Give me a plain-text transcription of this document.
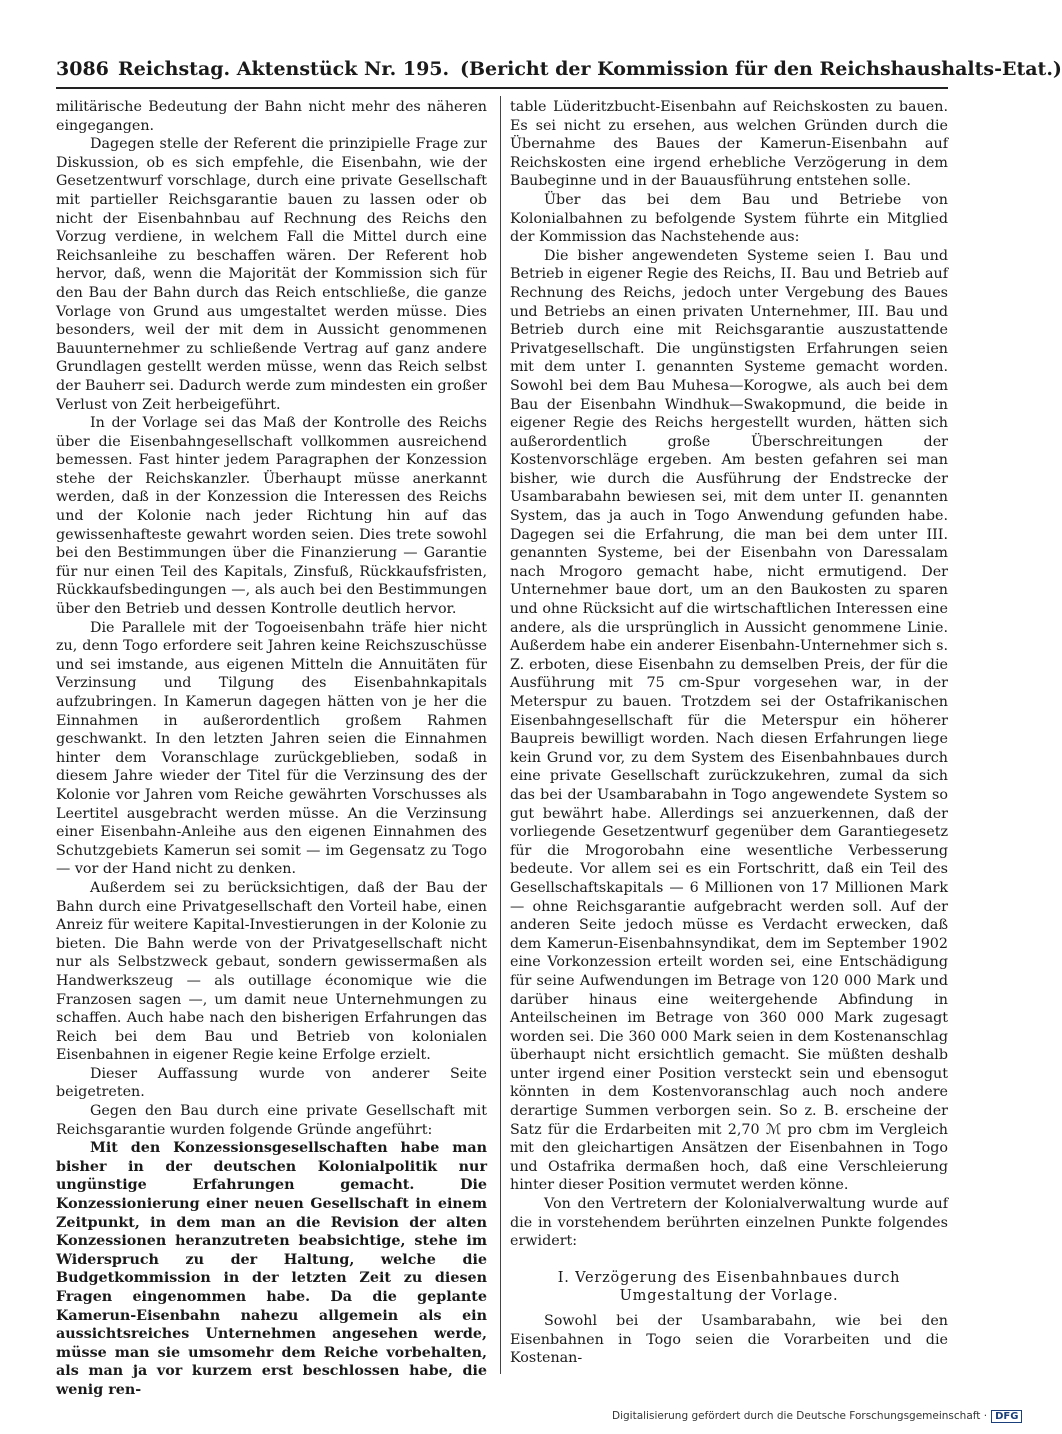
3086 Reichstag. Aktenstück Nr. 195. (Bericht der Kommission für den Reichshaushalts-Etat.)

militärische Bedeutung der Bahn nicht mehr des näheren eingegangen.

Dagegen stelle der Referent die prinzipielle Frage zur Diskussion, ob es sich empfehle, die Eisenbahn, wie der Gesetzentwurf vorschlage, durch eine private Gesellschaft mit partieller Reichsgarantie bauen zu lassen oder ob nicht der Eisenbahnbau auf Rechnung des Reichs den Vorzug verdiene, in welchem Fall die Mittel durch eine Reichsanleihe zu beschaffen wären. Der Referent hob hervor, daß, wenn die Majorität der Kommission sich für den Bau der Bahn durch das Reich entschließe, die ganze Vorlage von Grund aus umgestaltet werden müsse. Dies besonders, weil der mit dem in Aussicht genommenen Bauunternehmer zu schließende Vertrag auf ganz andere Grundlagen gestellt werden müsse, wenn das Reich selbst der Bauherr sei. Dadurch werde zum mindesten ein großer Verlust von Zeit herbeigeführt.

In der Vorlage sei das Maß der Kontrolle des Reichs über die Eisenbahngesellschaft vollkommen ausreichend bemessen. Fast hinter jedem Paragraphen der Konzession stehe der Reichskanzler. Überhaupt müsse anerkannt werden, daß in der Konzession die Interessen des Reichs und der Kolonie nach jeder Richtung hin auf das gewissenhafteste gewahrt worden seien. Dies trete sowohl bei den Bestimmungen über die Finanzierung — Garantie für nur einen Teil des Kapitals, Zinsfuß, Rückkaufsfristen, Rückkaufsbedingungen —, als auch bei den Bestimmungen über den Betrieb und dessen Kontrolle deutlich hervor.

Die Parallele mit der Togoeisenbahn träfe hier nicht zu, denn Togo erfordere seit Jahren keine Reichszuschüsse und sei imstande, aus eigenen Mitteln die Annuitäten für Verzinsung und Tilgung des Eisenbahnkapitals aufzubringen. In Kamerun dagegen hätten von je her die Einnahmen in außerordentlich großem Rahmen geschwankt. In den letzten Jahren seien die Einnahmen hinter dem Voranschlage zurückgeblieben, sodaß in diesem Jahre wieder der Titel für die Verzinsung des der Kolonie vor Jahren vom Reiche gewährten Vorschusses als Leertitel ausgebracht werden müsse. An die Verzinsung einer Eisenbahn-Anleihe aus den eigenen Einnahmen des Schutzgebiets Kamerun sei somit — im Gegensatz zu Togo — vor der Hand nicht zu denken.

Außerdem sei zu berücksichtigen, daß der Bau der Bahn durch eine Privatgesellschaft den Vorteil habe, einen Anreiz für weitere Kapital-Investierungen in der Kolonie zu bieten. Die Bahn werde von der Privatgesellschaft nicht nur als Selbstzweck gebaut, sondern gewissermaßen als Handwerkszeug — als outillage économique wie die Franzosen sagen —, um damit neue Unternehmungen zu schaffen. Auch habe nach den bisherigen Erfahrungen das Reich bei dem Bau und Betrieb von kolonialen Eisenbahnen in eigener Regie keine Erfolge erzielt.

Dieser Auffassung wurde von anderer Seite beigetreten.

Gegen den Bau durch eine private Gesellschaft mit Reichsgarantie wurden folgende Gründe angeführt:

Mit den Konzessionsgesellschaften habe man bisher in der deutschen Kolonialpolitik nur ungünstige Erfahrungen gemacht. Die Konzessionierung einer neuen Gesellschaft in einem Zeitpunkt, in dem man an die Revision der alten Konzessionen heranzutreten beabsichtige, stehe im Widerspruch zu der Haltung, welche die Budgetkommission in der letzten Zeit zu diesen Fragen eingenommen habe. Da die geplante Kamerun-Eisenbahn nahezu allgemein als ein aussichtsreiches Unternehmen angesehen werde, müsse man sie umsomehr dem Reiche vorbehalten, als man ja vor kurzem erst beschlossen habe, die wenig ren-

table Lüderitzbucht-Eisenbahn auf Reichskosten zu bauen. Es sei nicht zu ersehen, aus welchen Gründen durch die Übernahme des Baues der Kamerun-Eisenbahn auf Reichskosten eine irgend erhebliche Verzögerung in dem Baubeginne und in der Bauausführung entstehen solle.

Über das bei dem Bau und Betriebe von Kolonialbahnen zu befolgende System führte ein Mitglied der Kommission das Nachstehende aus:

Die bisher angewendeten Systeme seien I. Bau und Betrieb in eigener Regie des Reichs, II. Bau und Betrieb auf Rechnung des Reichs, jedoch unter Vergebung des Baues und Betriebs an einen privaten Unternehmer, III. Bau und Betrieb durch eine mit Reichsgarantie auszustattende Privatgesellschaft. Die ungünstigsten Erfahrungen seien mit dem unter I. genannten Systeme gemacht worden. Sowohl bei dem Bau Muhesa—Korogwe, als auch bei dem Bau der Eisenbahn Windhuk—Swakopmund, die beide in eigener Regie des Reichs hergestellt wurden, hätten sich außerordentlich große Überschreitungen der Kostenvorschläge ergeben. Am besten gefahren sei man bisher, wie durch die Ausführung der Endstrecke der Usambarabahn bewiesen sei, mit dem unter II. genannten System, das ja auch in Togo Anwendung gefunden habe. Dagegen sei die Erfahrung, die man bei dem unter III. genannten Systeme, bei der Eisenbahn von Daressalam nach Mrogoro gemacht habe, nicht ermutigend. Der Unternehmer baue dort, um an den Baukosten zu sparen und ohne Rücksicht auf die wirtschaftlichen Interessen eine andere, als die ursprünglich in Aussicht genommene Linie. Außerdem habe ein anderer Eisenbahn-Unternehmer sich s. Z. erboten, diese Eisenbahn zu demselben Preis, der für die Ausführung mit 75 cm-Spur vorgesehen war, in der Meterspur zu bauen. Trotzdem sei der Ostafrikanischen Eisenbahngesellschaft für die Meterspur ein höherer Baupreis bewilligt worden. Nach diesen Erfahrungen liege kein Grund vor, zu dem System des Eisenbahnbaues durch eine private Gesellschaft zurückzukehren, zumal da sich das bei der Usambarabahn in Togo angewendete System so gut bewährt habe. Allerdings sei anzuerkennen, daß der vorliegende Gesetzentwurf gegenüber dem Garantiegesetz für die Mrogorobahn eine wesentliche Verbesserung bedeute. Vor allem sei es ein Fortschritt, daß ein Teil des Gesellschaftskapitals — 6 Millionen von 17 Millionen Mark — ohne Reichsgarantie aufgebracht werden soll. Auf der anderen Seite jedoch müsse es Verdacht erwecken, daß dem Kamerun-Eisenbahnsyndikat, dem im September 1902 eine Vorkonzession erteilt worden sei, eine Entschädigung für seine Aufwendungen im Betrage von 120 000 Mark und darüber hinaus eine weitergehende Abfindung in Anteilscheinen im Betrage von 360 000 Mark zugesagt worden sei. Die 360 000 Mark seien in dem Kostenanschlag überhaupt nicht ersichtlich gemacht. Sie müßten deshalb unter irgend einer Position versteckt sein und ebensogut könnten in dem Kostenvoranschlag auch noch andere derartige Summen verborgen sein. So z. B. erscheine der Satz für die Erdarbeiten mit 2,70 ℳ pro cbm im Vergleich mit den gleichartigen Ansätzen der Eisenbahnen in Togo und Ostafrika dermaßen hoch, daß eine Verschleierung hinter dieser Position vermutet werden könne.

Von den Vertretern der Kolonialverwaltung wurde auf die in vorstehendem berührten einzelnen Punkte folgendes erwidert:

I. Verzögerung des Eisenbahnbaues durch
Umgestaltung der Vorlage.

Sowohl bei der Usambarabahn, wie bei den Eisenbahnen in Togo seien die Vorarbeiten und die Kostenan-

Digitalisierung gefördert durch die Deutsche Forschungsgemeinschaft · DFG
